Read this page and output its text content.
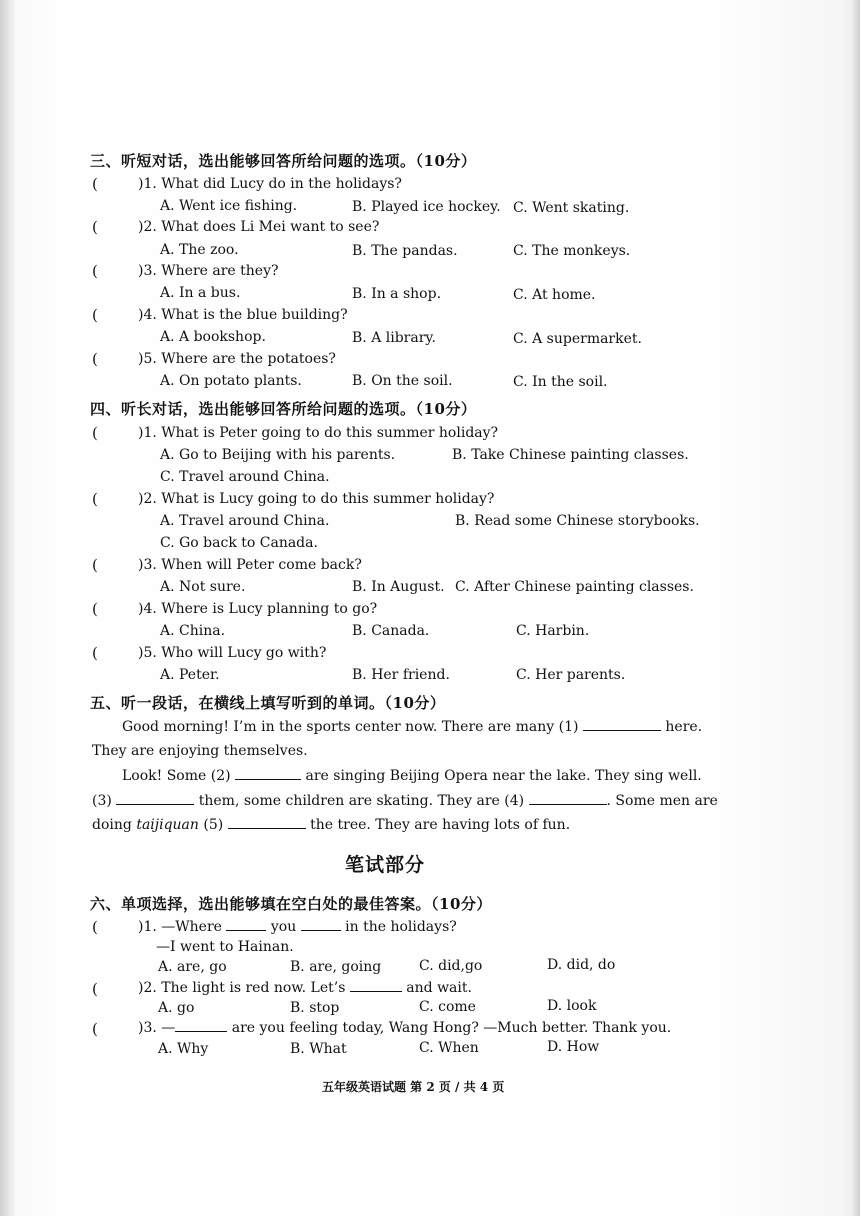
三、听短对话，选出能够回答所给问题的选项。（10分）
(	)1. What did Lucy do in the holidays?
A. Went ice fishing.	B. Played ice hockey. C. Went skating.
(	)2. What does Li Mei want to see?
A. The zoo.	B. The pandas.	C. The monkeys.
(	)3. Where are they?
A. In a bus.	B. In a shop.	C. At home.
(	)4. What is the blue building?
A. A bookshop.	B. A library.	C. A supermarket.
(	)5. Where are the potatoes?
A. On potato plants.	B. On the soil.	C. In the soil.
四、听长对话，选出能够回答所给问题的选项。（10分）
(	)1. What is Peter going to do this summer holiday?
A. Go to Beijing with his parents.	B. Take Chinese painting classes.
C. Travel around China.
(	)2. What is Lucy going to do this summer holiday?
A. Travel around China.	B. Read some Chinese storybooks.
C. Go back to Canada.
(	)3. When will Peter come back?
A. Not sure.	B. In August. C. After Chinese painting classes.
(	)4. Where is Lucy planning to go?
A. China.	B. Canada.	C. Harbin.
(	)5. Who will Lucy go with?
A. Peter.	B. Her friend.	C. Her parents.
五、听一段话，在横线上填写听到的单词。（10分）
Good morning! I’m in the sports center now. There are many (1)	here.
They are enjoying themselves.
Look! Some (2)	are singing Beijing Opera near the lake. They sing well.
(3)	them, some children are skating. They are (4)	. Some men are
doing taijiquan (5)	the tree. They are having lots of fun.
笔试部分
六、单项选择，选出能够填在空白处的最佳答案。（10分）
(	)1. —Where	you	in the holidays?
—I went to Hainan.
A. are, go	B. are, going	C. did,go	D. did, do
(	)2. The light is red now. Let’s	and wait.
A. go	B. stop	C. come	D. look
(	)3. —	are you feeling today, Wang Hong? —Much better. Thank you.
A. Why	B. What	C. When	D. How
五年级英语试题 第 2 页 / 共 4 页
